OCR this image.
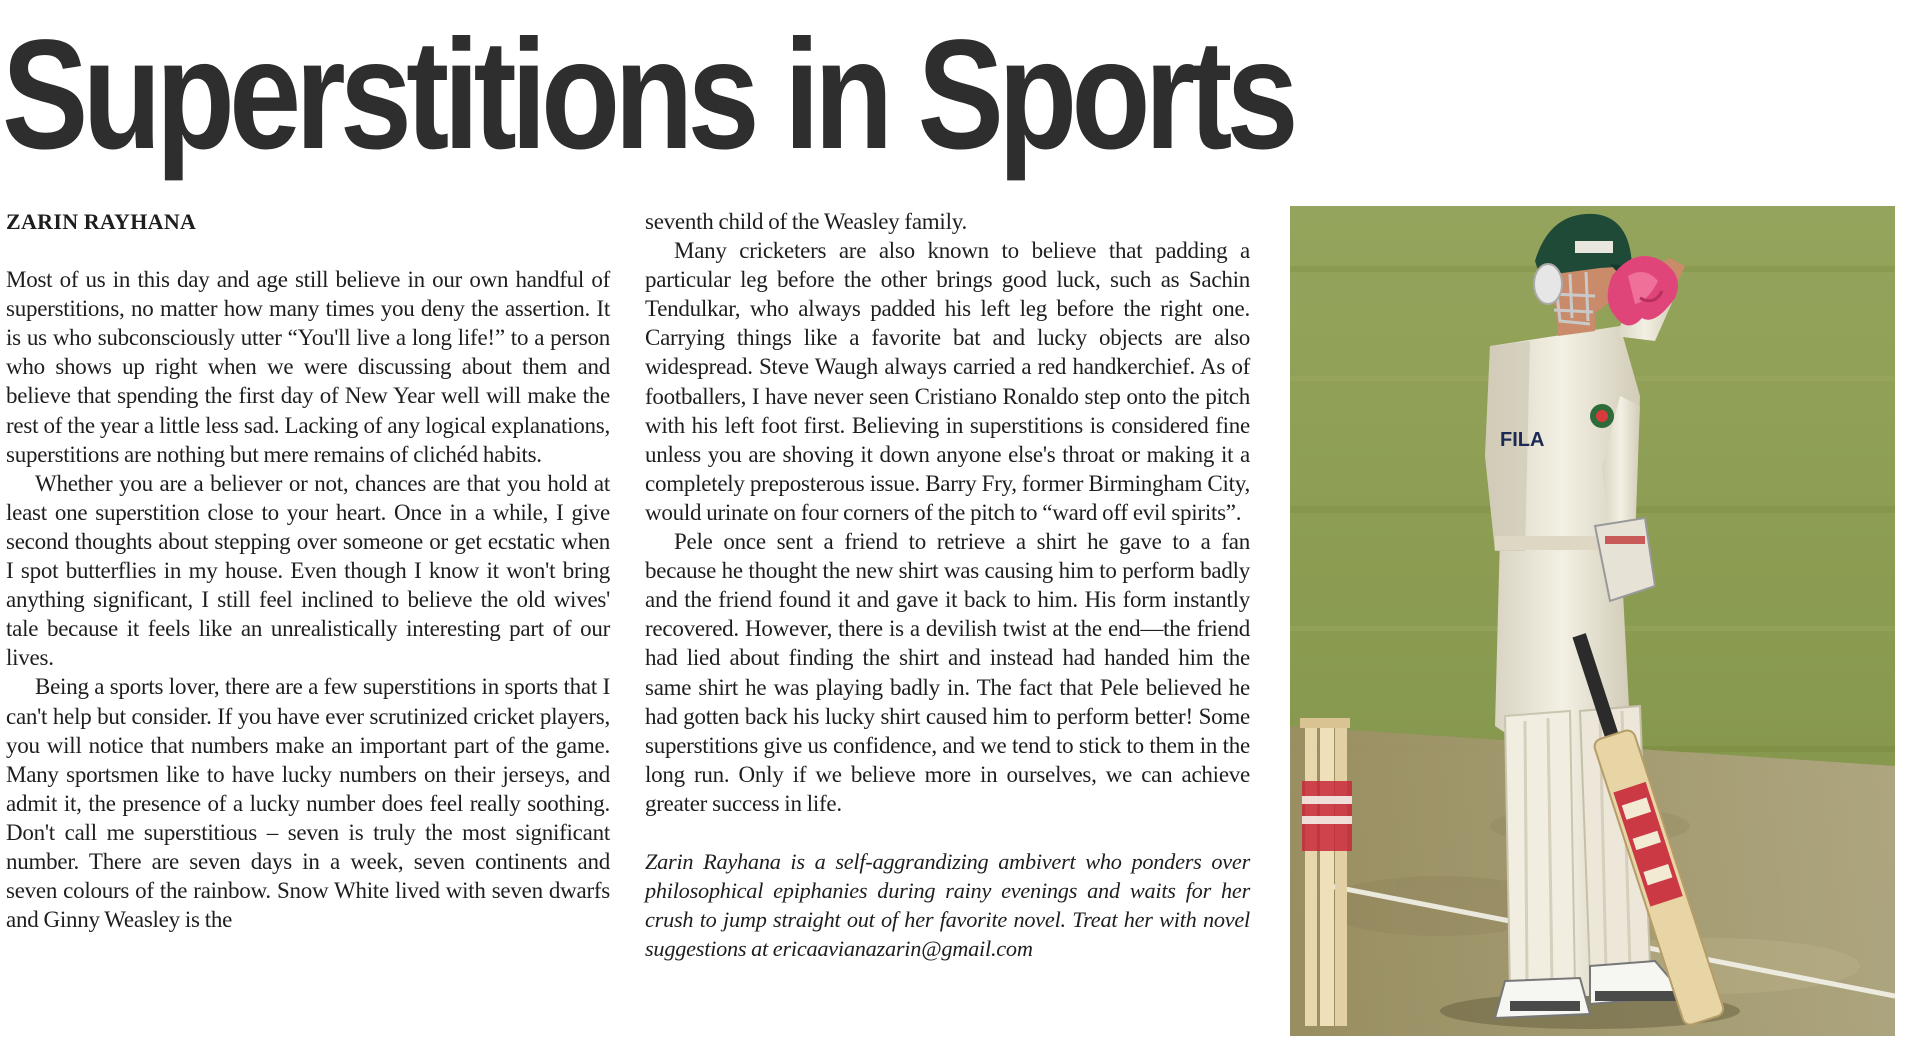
Superstitions in Sports
ZARIN RAYHANA

Most of us in this day and age still believe in our own handful of superstitions, no matter how many times you deny the assertion. It is us who subconsciously utter “You'll live a long life!” to a person who shows up right when we were discussing about them and believe that spending the first day of New Year well will make the rest of the year a little less sad. Lacking of any logical explanations, superstitions are nothing but mere remains of clichéd habits.

Whether you are a believer or not, chances are that you hold at least one superstition close to your heart. Once in a while, I give second thoughts about stepping over someone or get ecstatic when I spot butterflies in my house. Even though I know it won't bring anything significant, I still feel inclined to believe the old wives' tale because it feels like an unrealistically interesting part of our lives.

Being a sports lover, there are a few superstitions in sports that I can't help but consider. If you have ever scrutinized cricket players, you will notice that numbers make an important part of the game. Many sportsmen like to have lucky numbers on their jerseys, and admit it, the presence of a lucky number does feel really soothing. Don't call me superstitious – seven is truly the most significant number. There are seven days in a week, seven continents and seven colours of the rainbow. Snow White lived with seven dwarfs and Ginny Weasley is the

seventh child of the Weasley family.

Many cricketers are also known to believe that padding a particular leg before the other brings good luck, such as Sachin Tendulkar, who always padded his left leg before the right one. Carrying things like a favorite bat and lucky objects are also widespread. Steve Waugh always carried a red handkerchief. As of footballers, I have never seen Cristiano Ronaldo step onto the pitch with his left foot first. Believing in superstitions is considered fine unless you are shoving it down anyone else's throat or making it a completely preposterous issue. Barry Fry, former Birmingham City, would urinate on four corners of the pitch to “ward off evil spirits”.

Pele once sent a friend to retrieve a shirt he gave to a fan because he thought the new shirt was causing him to perform badly and the friend found it and gave it back to him. His form instantly recovered. However, there is a devilish twist at the end—the friend had lied about finding the shirt and instead had handed him the same shirt he was playing badly in. The fact that Pele believed he had gotten back his lucky shirt caused him to perform better! Some superstitions give us confidence, and we tend to stick to them in the long run. Only if we believe more in ourselves, we can achieve greater success in life.

Zarin Rayhana is a self-aggrandizing ambivert who ponders over philosophical epiphanies during rainy evenings and waits for her crush to jump straight out of her favorite novel. Treat her with novel suggestions at ericaavianazarin@gmail.com

FILA
